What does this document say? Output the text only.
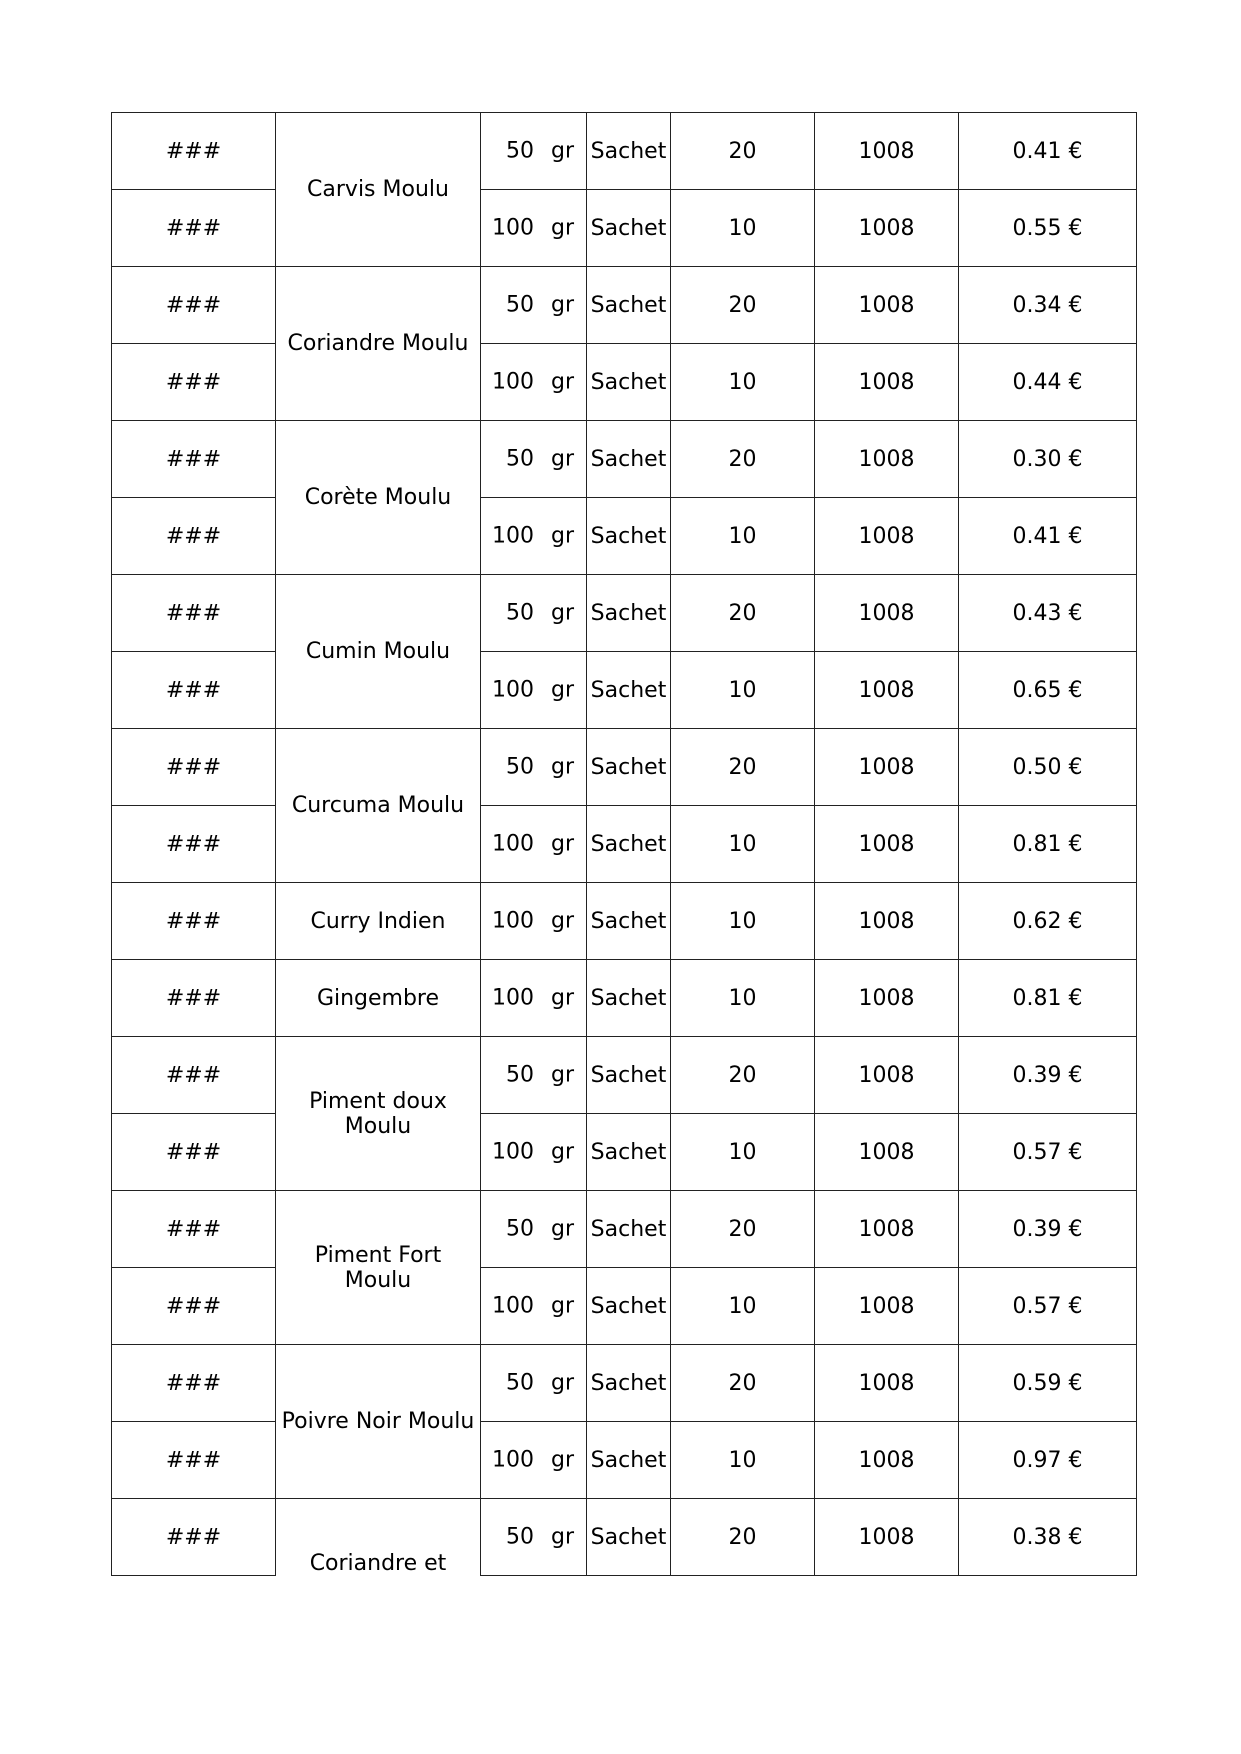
###	Carvis Moulu	50 gr	Sachet	20	1008	0.41 €
###		100 gr	Sachet	10	1008	0.55 €
###	Coriandre Moulu	50 gr	Sachet	20	1008	0.34 €
###		100 gr	Sachet	10	1008	0.44 €
###	Corète Moulu	50 gr	Sachet	20	1008	0.30 €
###		100 gr	Sachet	10	1008	0.41 €
###	Cumin Moulu	50 gr	Sachet	20	1008	0.43 €
###		100 gr	Sachet	10	1008	0.65 €
###	Curcuma Moulu	50 gr	Sachet	20	1008	0.50 €
###		100 gr	Sachet	10	1008	0.81 €
###	Curry Indien	100 gr	Sachet	10	1008	0.62 €
###	Gingembre	100 gr	Sachet	10	1008	0.81 €
###	Piment doux Moulu	50 gr	Sachet	20	1008	0.39 €
###		100 gr	Sachet	10	1008	0.57 €
###	Piment Fort Moulu	50 gr	Sachet	20	1008	0.39 €
###		100 gr	Sachet	10	1008	0.57 €
###	Poivre Noir Moulu	50 gr	Sachet	20	1008	0.59 €
###		100 gr	Sachet	10	1008	0.97 €
###	Coriandre et	50 gr	Sachet	20	1008	0.38 €
